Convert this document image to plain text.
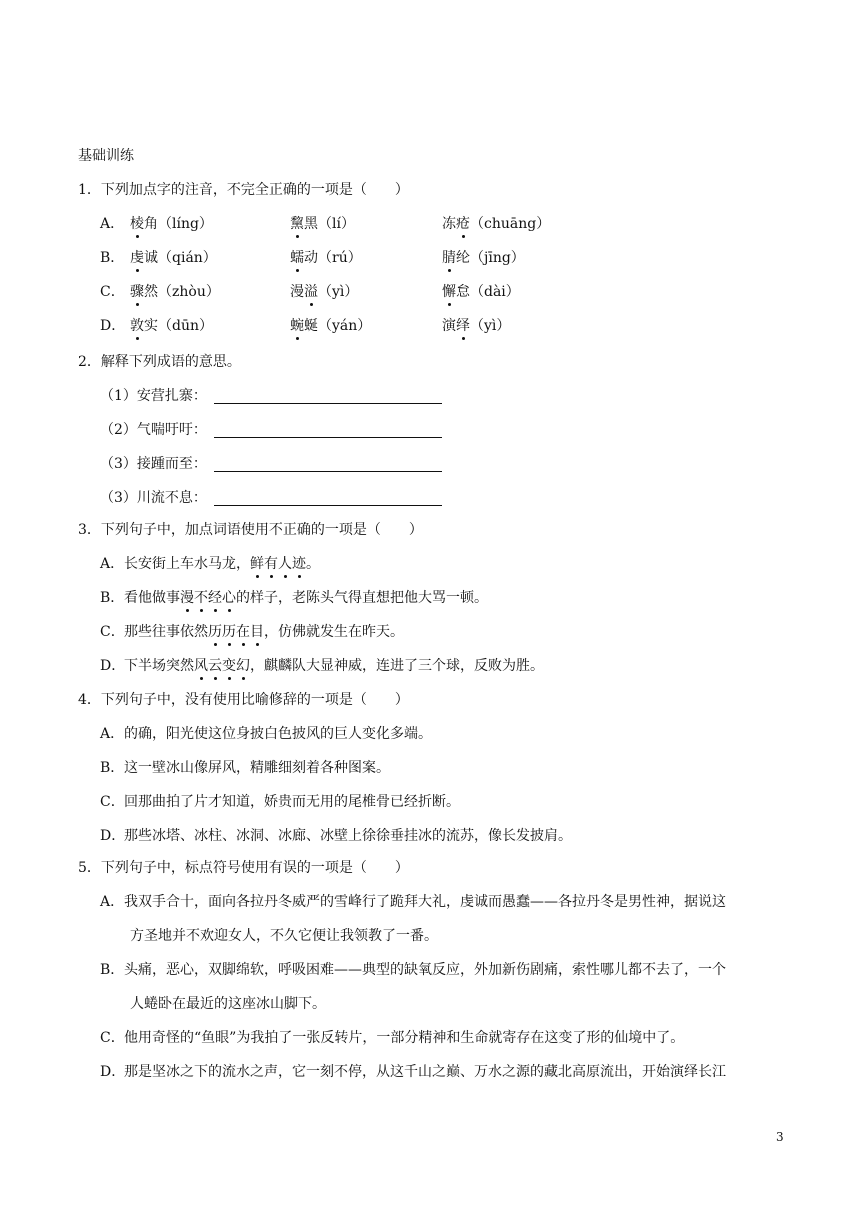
基础训练
1．下列加点字的注音，不完全正确的一项是（　　）
A． 棱角（líng）	黧黑（lí）	冻疮（chuāng）
B． 虔诚（qián）	蠕动（rú）	腈纶（jīng）
C． 骤然（zhòu）	漫溢（yì）	懈怠（dài）
D． 敦实（dūn）	蜿蜒（yán）	演绎（yì）
2．解释下列成语的意思。
（1）安营扎寨：
（2）气喘吁吁：
（3）接踵而至：
（3）川流不息：
3．下列句子中，加点词语使用不正确的一项是（　　）
A． 长安街上车水马龙，鲜有人迹。
B． 看他做事漫不经心的样子，老陈头气得直想把他大骂一顿。
C． 那些往事依然历历在目，仿佛就发生在昨天。
D．
下半场突然风云变幻，麒麟队大显神威，连进了三个球，反败为胜。
4．下列句子中，没有使用比喻修辞的一项是（　　）
A． 的确，阳光使这位身披白色披风的巨人变化多端。
B． 这一壁冰山像屏风，精雕细刻着各种图案。
C． 回那曲拍了片才知道，娇贵而无用的尾椎骨已经折断。
D．
那些冰塔、冰柱、冰洞、冰廊、冰壁上徐徐垂挂冰的流苏，像长发披肩。
5．下列句子中，标点符号使用有误的一项是（　　）
A． 我双手合十，面向各拉丹冬威严的雪峰行了跪拜大礼，虔诚而愚蠢——各拉丹冬是男性神，据说这
方圣地并不欢迎女人，不久它便让我领教了一番。
B． 头痛，恶心，双脚绵软，呼吸困难——典型的缺氧反应，外加新伤剧痛，索性哪儿都不去了，一个
人蜷卧在最近的这座冰山脚下。
C． 他用奇怪的“鱼眼”为我拍了一张反转片，一部分精神和生命就寄存在这变了形的仙境中了。
D．
那是坚冰之下的流水之声，它一刻不停，从这千山之巅、万水之源的藏北高原流出，开始演绎长江
3
